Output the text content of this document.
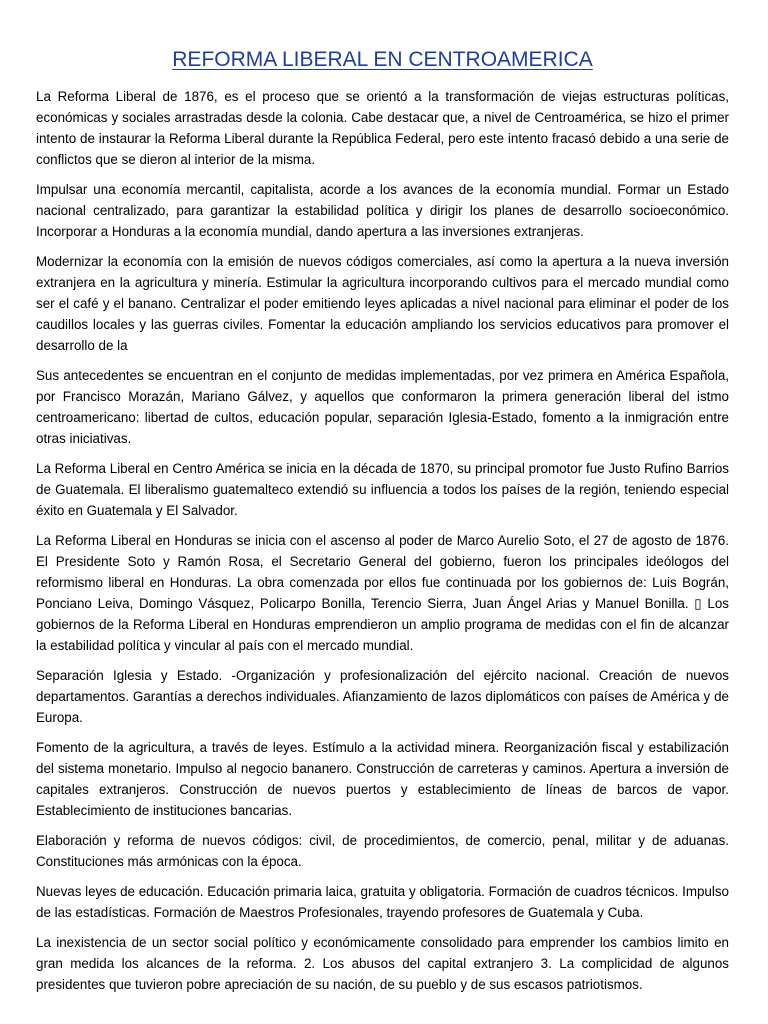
REFORMA LIBERAL EN CENTROAMERICA

La Reforma Liberal de 1876, es el proceso que se orientó a la transformación de viejas estructuras políticas, económicas y sociales arrastradas desde la colonia. Cabe destacar que, a nivel de Centroamérica, se hizo el primer intento de instaurar la Reforma Liberal durante la República Federal, pero este intento fracasó debido a una serie de conflictos que se dieron al interior de la misma.

Impulsar una economía mercantil, capitalista, acorde a los avances de la economía mundial. Formar un Estado nacional centralizado, para garantizar la estabilidad política y dirigir los planes de desarrollo socioeconómico. Incorporar a Honduras a la economía mundial, dando apertura a las inversiones extranjeras.

Modernizar la economía con la emisión de nuevos códigos comerciales, así como la apertura a la nueva inversión extranjera en la agricultura y minería. Estimular la agricultura incorporando cultivos para el mercado mundial como ser el café y el banano. Centralizar el poder emitiendo leyes aplicadas a nivel nacional para eliminar el poder de los caudillos locales y las guerras civiles. Fomentar la educación ampliando los servicios educativos para promover el desarrollo de la

Sus antecedentes se encuentran en el conjunto de medidas implementadas, por vez primera en América Española, por Francisco Morazán, Mariano Gálvez, y aquellos que conformaron la primera generación liberal del istmo centroamericano: libertad de cultos, educación popular, separación Iglesia-Estado, fomento a la inmigración entre otras iniciativas.

La Reforma Liberal en Centro América se inicia en la década de 1870, su principal promotor fue Justo Rufino Barrios de Guatemala. El liberalismo guatemalteco extendió su influencia a todos los países de la región, teniendo especial éxito en Guatemala y El Salvador.

La Reforma Liberal en Honduras se inicia con el ascenso al poder de Marco Aurelio Soto, el 27 de agosto de 1876. El Presidente Soto y Ramón Rosa, el Secretario General del gobierno, fueron los principales ideólogos del reformismo liberal en Honduras. La obra comenzada por ellos fue continuada por los gobiernos de: Luis Bográn, Ponciano Leiva, Domingo Vásquez, Policarpo Bonilla, Terencio Sierra, Juan Ángel Arias y Manuel Bonilla. ▯ Los gobiernos de la Reforma Liberal en Honduras emprendieron un amplio programa de medidas con el fin de alcanzar la estabilidad política y vincular al país con el mercado mundial.

Separación Iglesia y Estado. -Organización y profesionalización del ejército nacional. Creación de nuevos departamentos. Garantías a derechos individuales. Afianzamiento de lazos diplomáticos con países de América y de Europa.

Fomento de la agricultura, a través de leyes. Estímulo a la actividad minera. Reorganización fiscal y estabilización del sistema monetario. Impulso al negocio bananero. Construcción de carreteras y caminos. Apertura a inversión de capitales extranjeros. Construcción de nuevos puertos y establecimiento de líneas de barcos de vapor. Establecimiento de instituciones bancarias.

Elaboración y reforma de nuevos códigos: civil, de procedimientos, de comercio, penal, militar y de aduanas. Constituciones más armónicas con la época.

Nuevas leyes de educación. Educación primaria laica, gratuita y obligatoria. Formación de cuadros técnicos. Impulso de las estadísticas. Formación de Maestros Profesionales, trayendo profesores de Guatemala y Cuba.

La inexistencia de un sector social político y económicamente consolidado para emprender los cambios limito en gran medida los alcances de la reforma. 2. Los abusos del capital extranjero 3. La complicidad de algunos presidentes que tuvieron pobre apreciación de su nación, de su pueblo y de sus escasos patriotismos.
